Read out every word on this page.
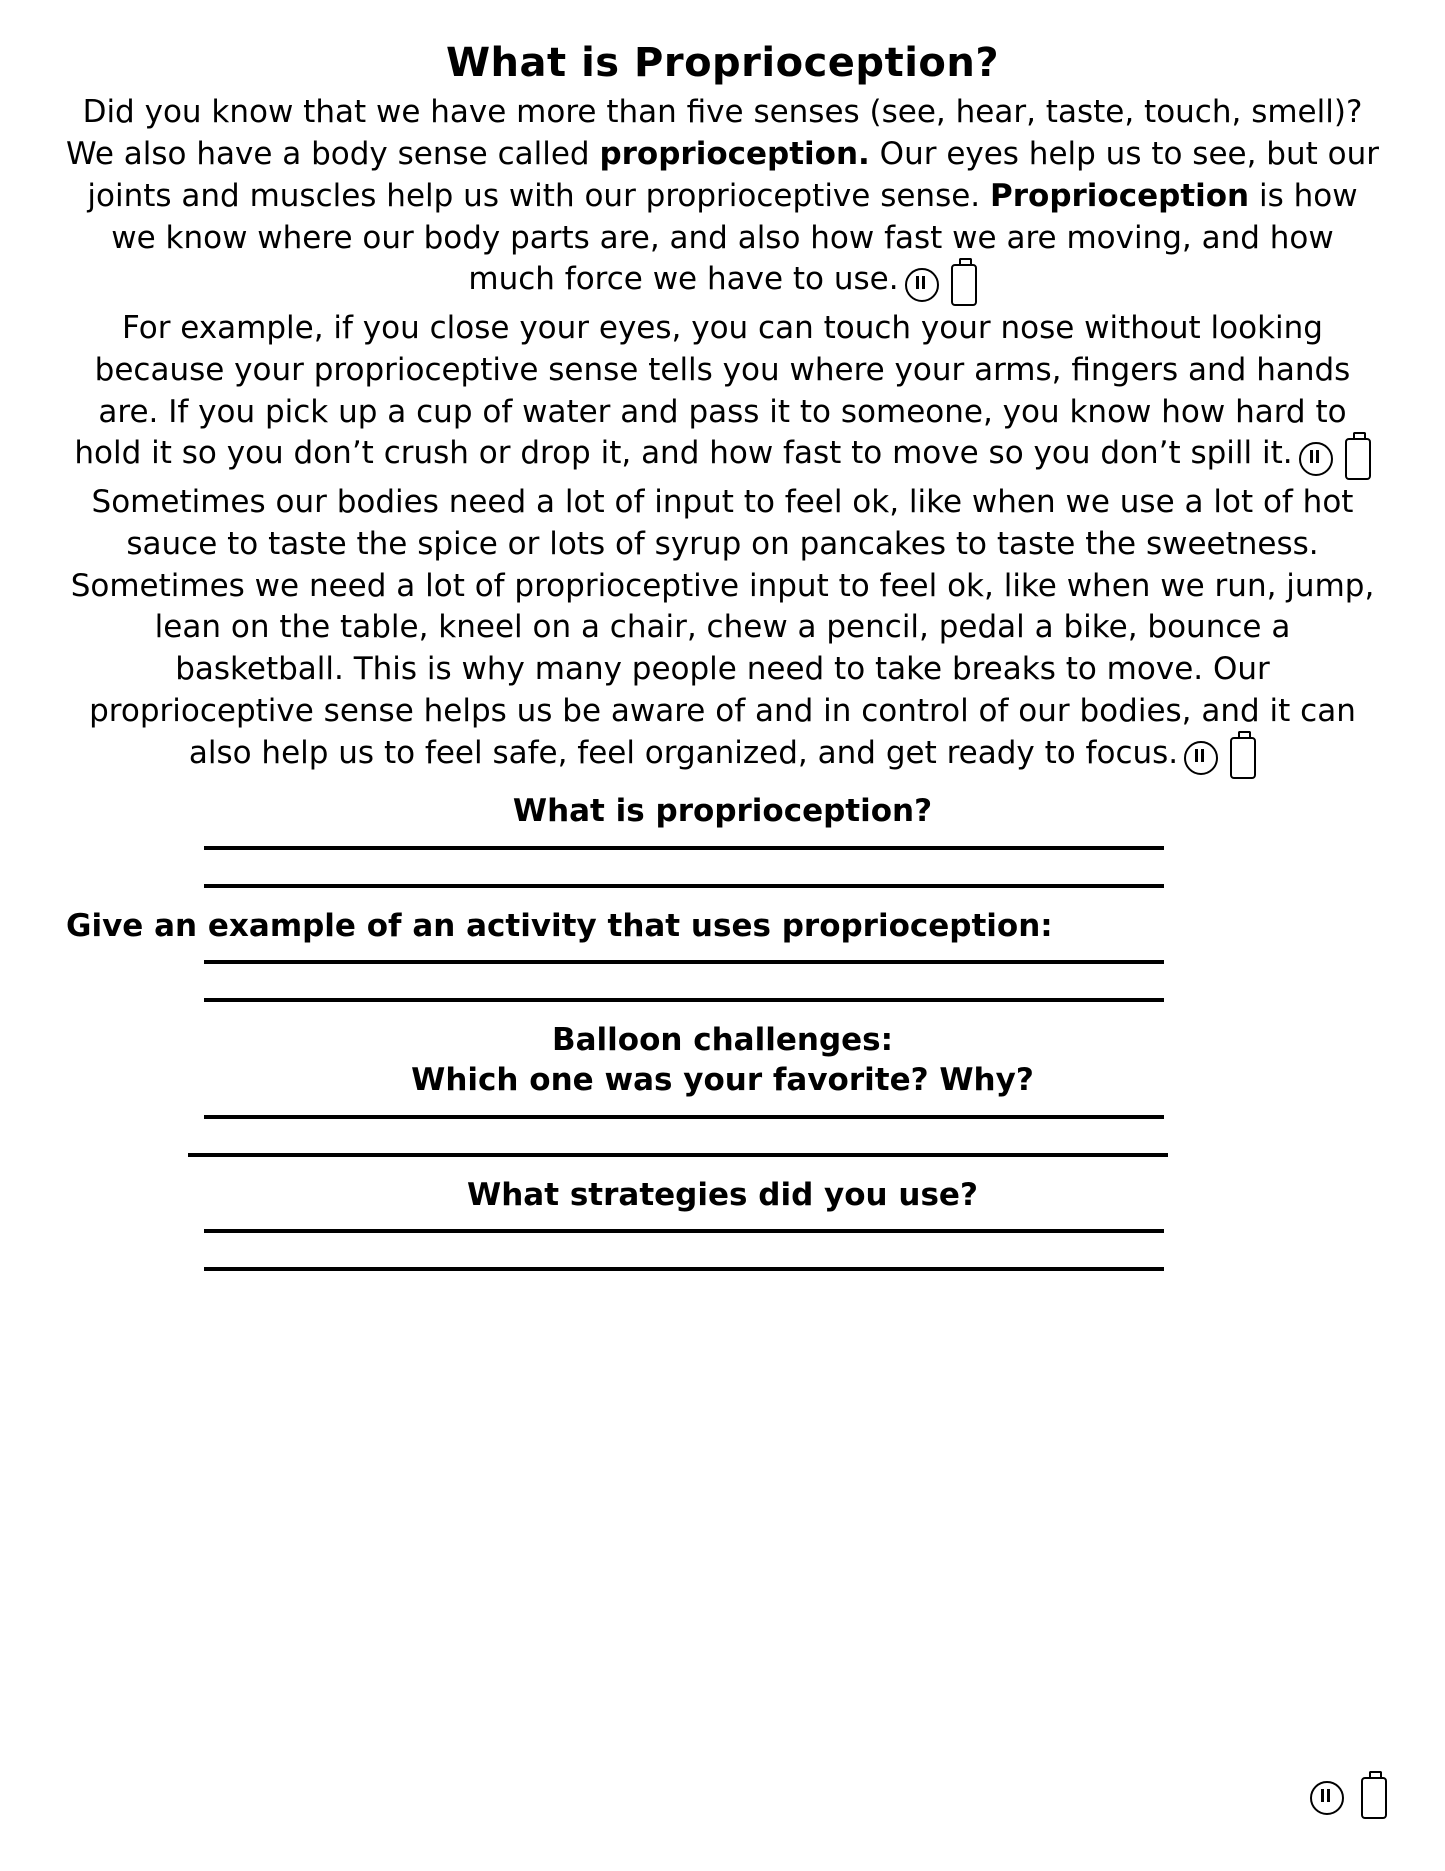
What is Proprioception?

Did you know that we have more than five senses (see, hear, taste, touch, smell)? We also have a body sense called proprioception. Our eyes help us to see, but our joints and muscles help us with our proprioceptive sense. Proprioception is how we know where our body parts are, and also how fast we are moving, and how much force we have to use.

For example, if you close your eyes, you can touch your nose without looking because your proprioceptive sense tells you where your arms, fingers and hands are. If you pick up a cup of water and pass it to someone, you know how hard to hold it so you don’t crush or drop it, and how fast to move so you don’t spill it.

Sometimes our bodies need a lot of input to feel ok, like when we use a lot of hot sauce to taste the spice or lots of syrup on pancakes to taste the sweetness. Sometimes we need a lot of proprioceptive input to feel ok, like when we run, jump, lean on the table, kneel on a chair, chew a pencil, pedal a bike, bounce a basketball. This is why many people need to take breaks to move. Our proprioceptive sense helps us be aware of and in control of our bodies, and it can also help us to feel safe, feel organized, and get ready to focus.

What is proprioception?
Give an example of an activity that uses proprioception:
Balloon challenges:
Which one was your favorite? Why?
What strategies did you use?
